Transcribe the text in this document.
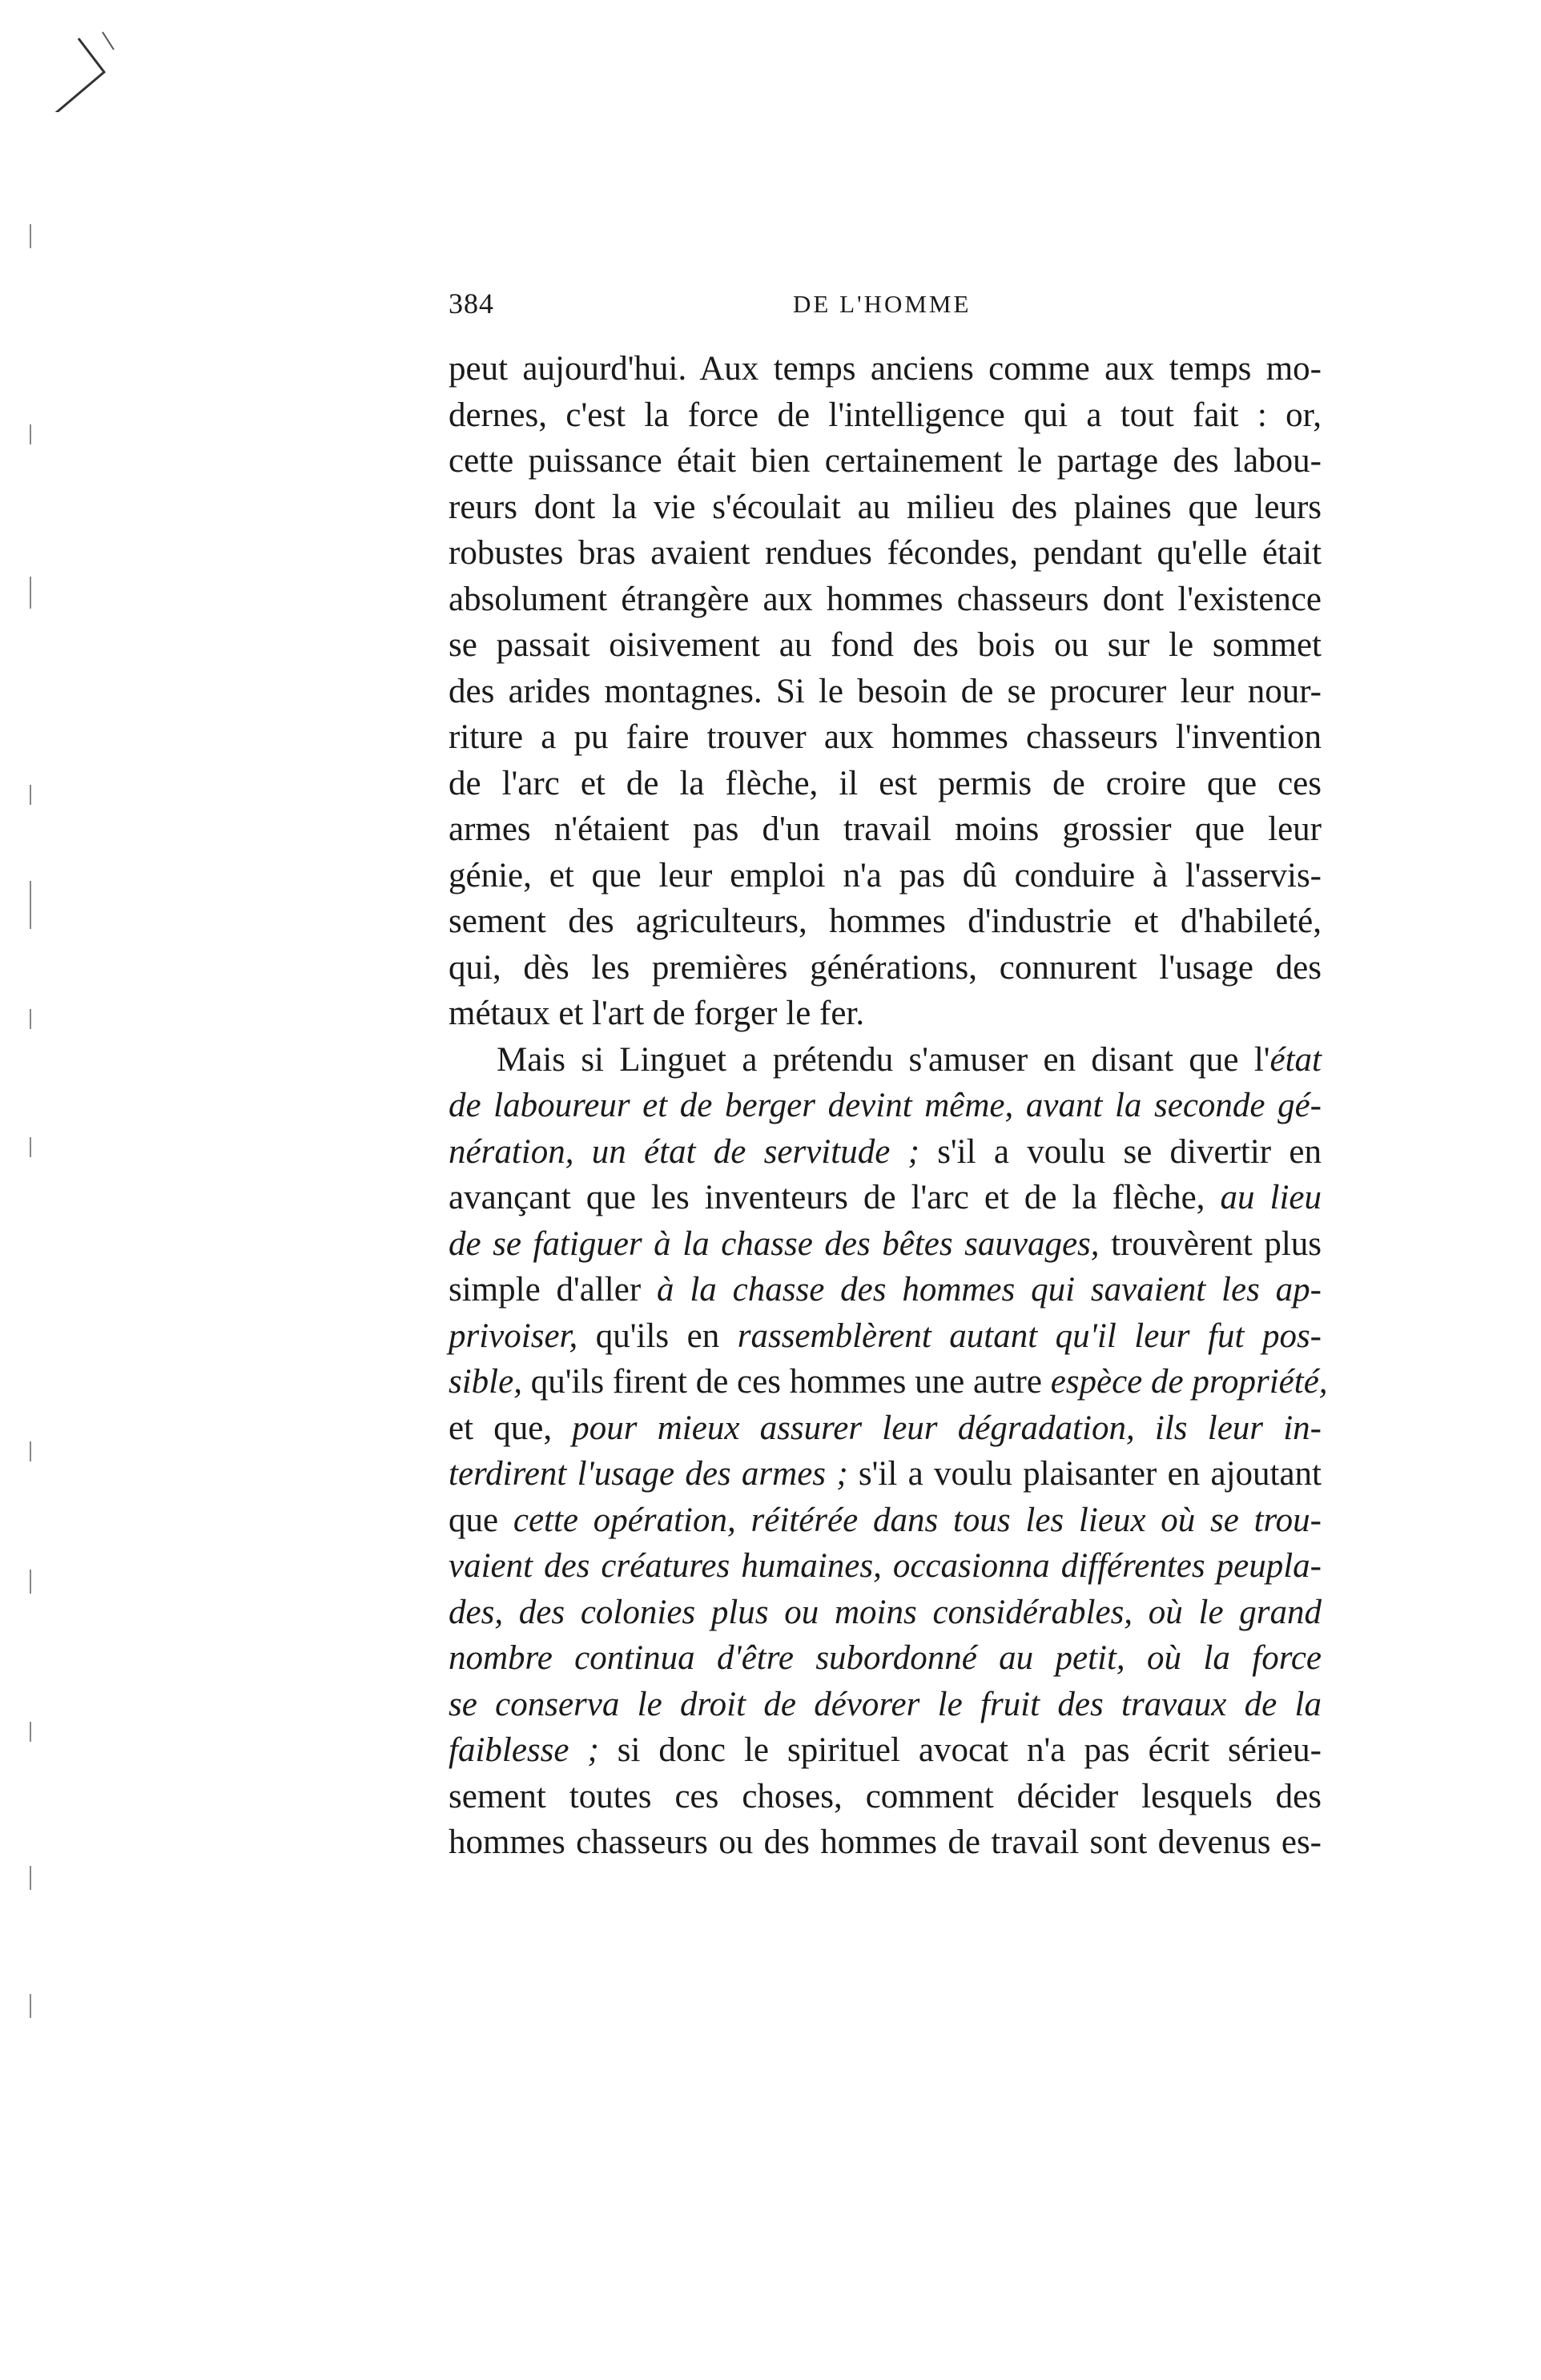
384	DE L'HOMME
peut aujourd'hui. Aux temps anciens comme aux temps mo-
dernes, c'est la force de l'intelligence qui a tout fait : or,
cette puissance était bien certainement le partage des labou-
reurs dont la vie s'écoulait au milieu des plaines que leurs
robustes bras avaient rendues fécondes, pendant qu'elle était
absolument étrangère aux hommes chasseurs dont l'existence
se passait oisivement au fond des bois ou sur le sommet
des arides montagnes. Si le besoin de se procurer leur nour-
riture a pu faire trouver aux hommes chasseurs l'invention
de l'arc et de la flèche, il est permis de croire que ces
armes n'étaient pas d'un travail moins grossier que leur
génie, et que leur emploi n'a pas dû conduire à l'asservis-
sement des agriculteurs, hommes d'industrie et d'habileté,
qui, dès les premières générations, connurent l'usage des
métaux et l'art de forger le fer.
Mais si Linguet a prétendu s'amuser en disant que l'état
de laboureur et de berger devint même, avant la seconde gé-
nération, un état de servitude ; s'il a voulu se divertir en
avançant que les inventeurs de l'arc et de la flèche, au lieu
de se fatiguer à la chasse des bêtes sauvages, trouvèrent plus
simple d'aller à la chasse des hommes qui savaient les ap-
privoiser, qu'ils en rassemblèrent autant qu'il leur fut pos-
sible, qu'ils firent de ces hommes une autre espèce de propriété,
et que, pour mieux assurer leur dégradation, ils leur in-
terdirent l'usage des armes ; s'il a voulu plaisanter en ajoutant
que cette opération, réitérée dans tous les lieux où se trou-
vaient des créatures humaines, occasionna différentes peupla-
des, des colonies plus ou moins considérables, où le grand
nombre continua d'être subordonné au petit, où la force
se conserva le droit de dévorer le fruit des travaux de la
faiblesse ; si donc le spirituel avocat n'a pas écrit sérieu-
sement toutes ces choses, comment décider lesquels des
hommes chasseurs ou des hommes de travail sont devenus es-
